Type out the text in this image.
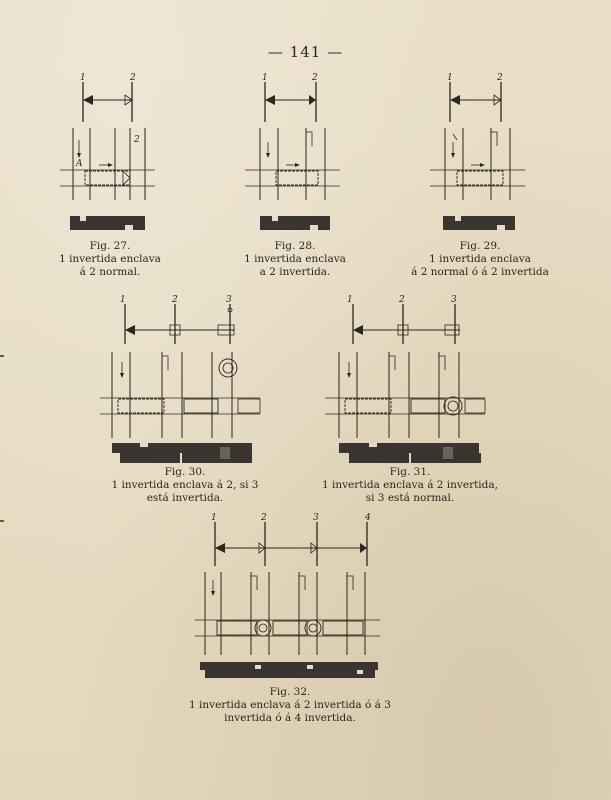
— 141 —
1	2
2
A
Fig. 27.
1 invertida enclava
á 2 normal.
1	2
Fig. 28.
1 invertida enclava
a 2 invertida.
1	2
Fig. 29.
1 invertida enclava
á 2 normal ó á 2 invertida
1	2	3
Fig. 30.
1 invertida enclava á 2, si 3
está invertida.
1	2	3
Fig. 31.
1 invertida enclava á 2 invertida,
si 3 está normal.
1	2	3	4
Fig. 32.
1 invertida enclava á 2 invertida ó á 3
invertida ó á 4 invertida.
